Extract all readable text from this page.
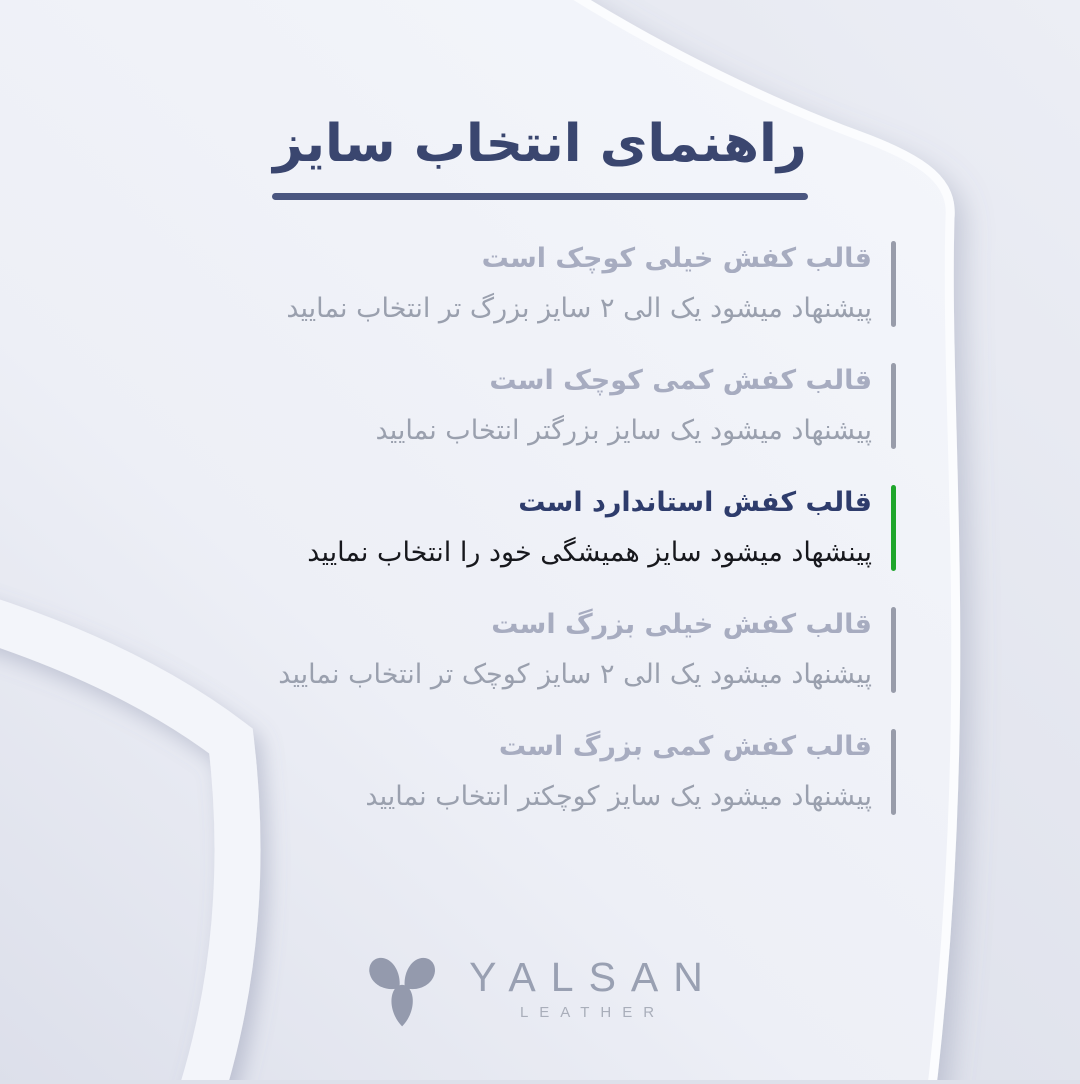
راهنمای انتخاب سایز
قالب کفش خیلی کوچک است

پیشنهاد میشود یک الی ۲ سایز بزرگ تر انتخاب نمایید

قالب کفش کمی کوچک است

پیشنهاد میشود یک سایز بزرگتر انتخاب نمایید

قالب کفش استاندارد است

پینشهاد میشود سایز همیشگی خود را انتخاب نمایید

قالب کفش خیلی بزرگ است

پیشنهاد میشود یک الی ۲ سایز کوچک تر انتخاب نمایید

قالب کفش کمی بزرگ است

پیشنهاد میشود یک سایز کوچکتر انتخاب نمایید

YALSAN
LEATHER
